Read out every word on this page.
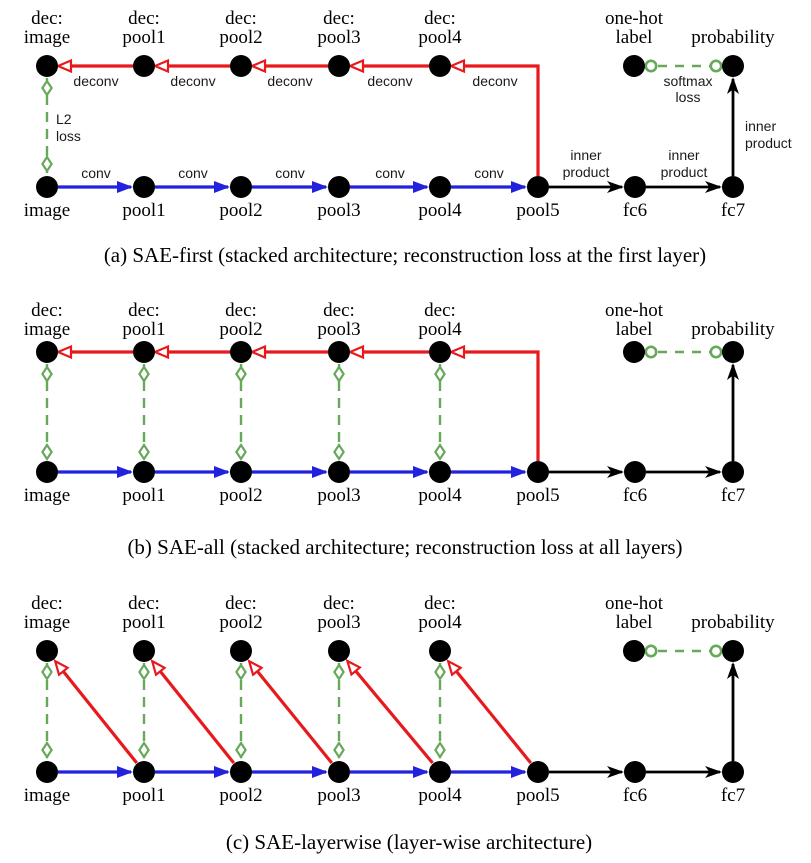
dec:
image
dec:
pool1
dec:
pool2
dec:
pool3
dec:
pool4
one-hot
label probability
image	pool1	pool2	pool3	pool4	pool5	fc6	fc7
deconv	deconv	deconv	deconv	deconv
conv	conv	conv	conv	conv
L2
loss
inner
product
inner
product
inner
product
softmax
loss
(a) SAE-first (stacked architecture; reconstruction loss at the first layer)
dec:
image
dec:
pool1
dec:
pool2
dec:
pool3
dec:
pool4
one-hot
label probability
image	pool1	pool2	pool3	pool4	pool5	fc6	fc7
(b) SAE-all (stacked architecture; reconstruction loss at all layers)
dec:
image
dec:
pool1
dec:
pool2
dec:
pool3
dec:
pool4
one-hot
label probability
image	pool1	pool2	pool3	pool4	pool5	fc6	fc7
(c) SAE-layerwise (layer-wise architecture)
